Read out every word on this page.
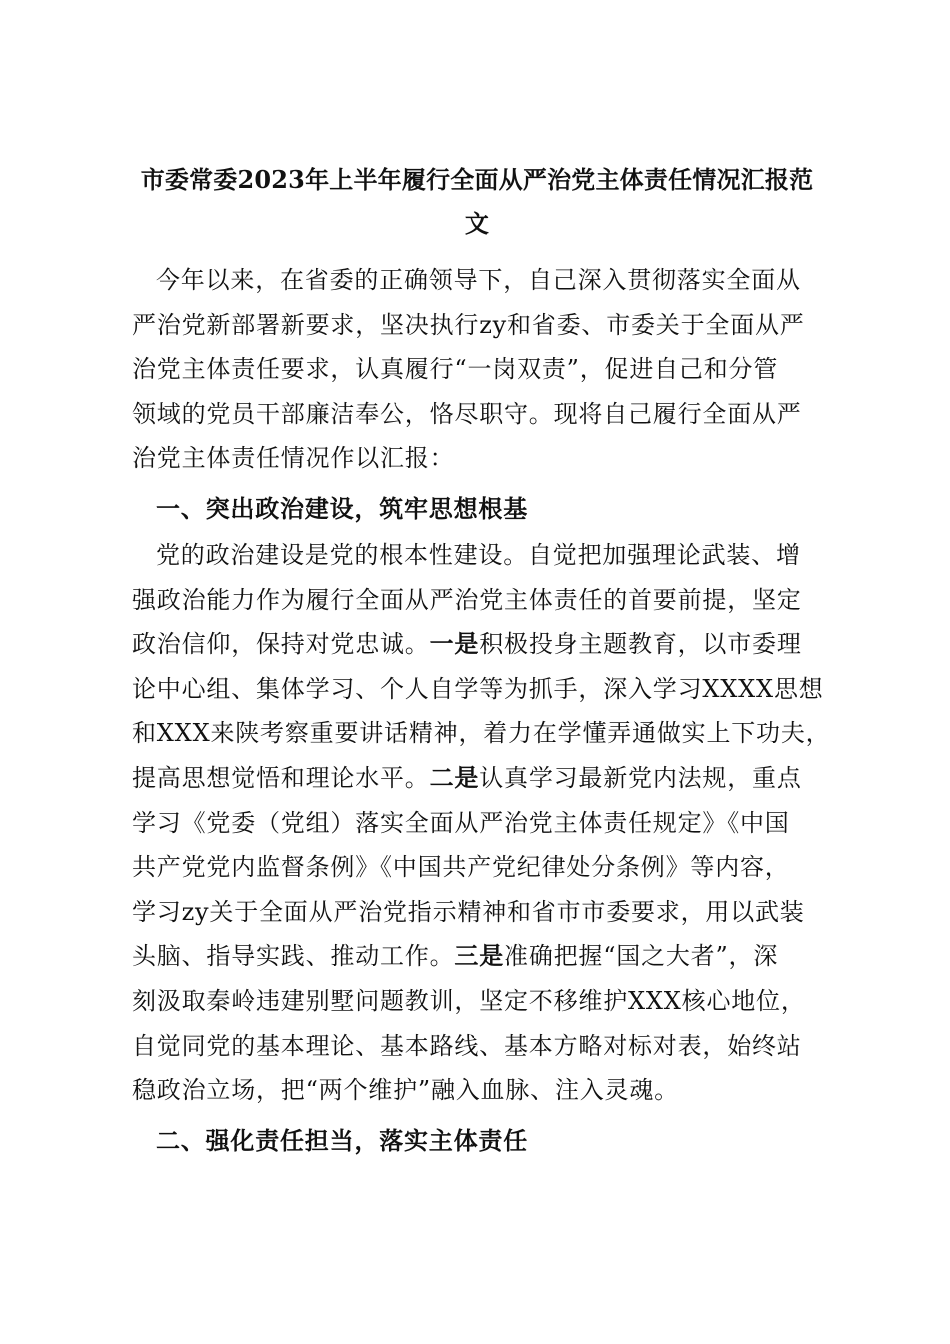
市委常委2023年上半年履行全面从严治党主体责任情况汇报范
文

今年以来，在省委的正确领导下，自己深入贯彻落实全面从
严治党新部署新要求，坚决执行zy和省委、市委关于全面从严
治党主体责任要求，认真履行“一岗双责”，促进自己和分管
领域的党员干部廉洁奉公，恪尽职守。现将自己履行全面从严
治党主体责任情况作以汇报：

一、突出政治建设，筑牢思想根基

党的政治建设是党的根本性建设。自觉把加强理论武装、增
强政治能力作为履行全面从严治党主体责任的首要前提，坚定
政治信仰，保持对党忠诚。一是积极投身主题教育，以市委理
论中心组、集体学习、个人自学等为抓手，深入学习XXXX思想
和XXX来陕考察重要讲话精神，着力在学懂弄通做实上下功夫，
提高思想觉悟和理论水平。二是认真学习最新党内法规，重点
学习《党委（党组）落实全面从严治党主体责任规定》《中国
共产党党内监督条例》《中国共产党纪律处分条例》等内容，
学习zy关于全面从严治党指示精神和省市市委要求，用以武装
头脑、指导实践、推动工作。三是准确把握“国之大者”，深
刻汲取秦岭违建别墅问题教训，坚定不移维护XXX核心地位，
自觉同党的基本理论、基本路线、基本方略对标对表，始终站
稳政治立场，把“两个维护”融入血脉、注入灵魂。

二、强化责任担当，落实主体责任
